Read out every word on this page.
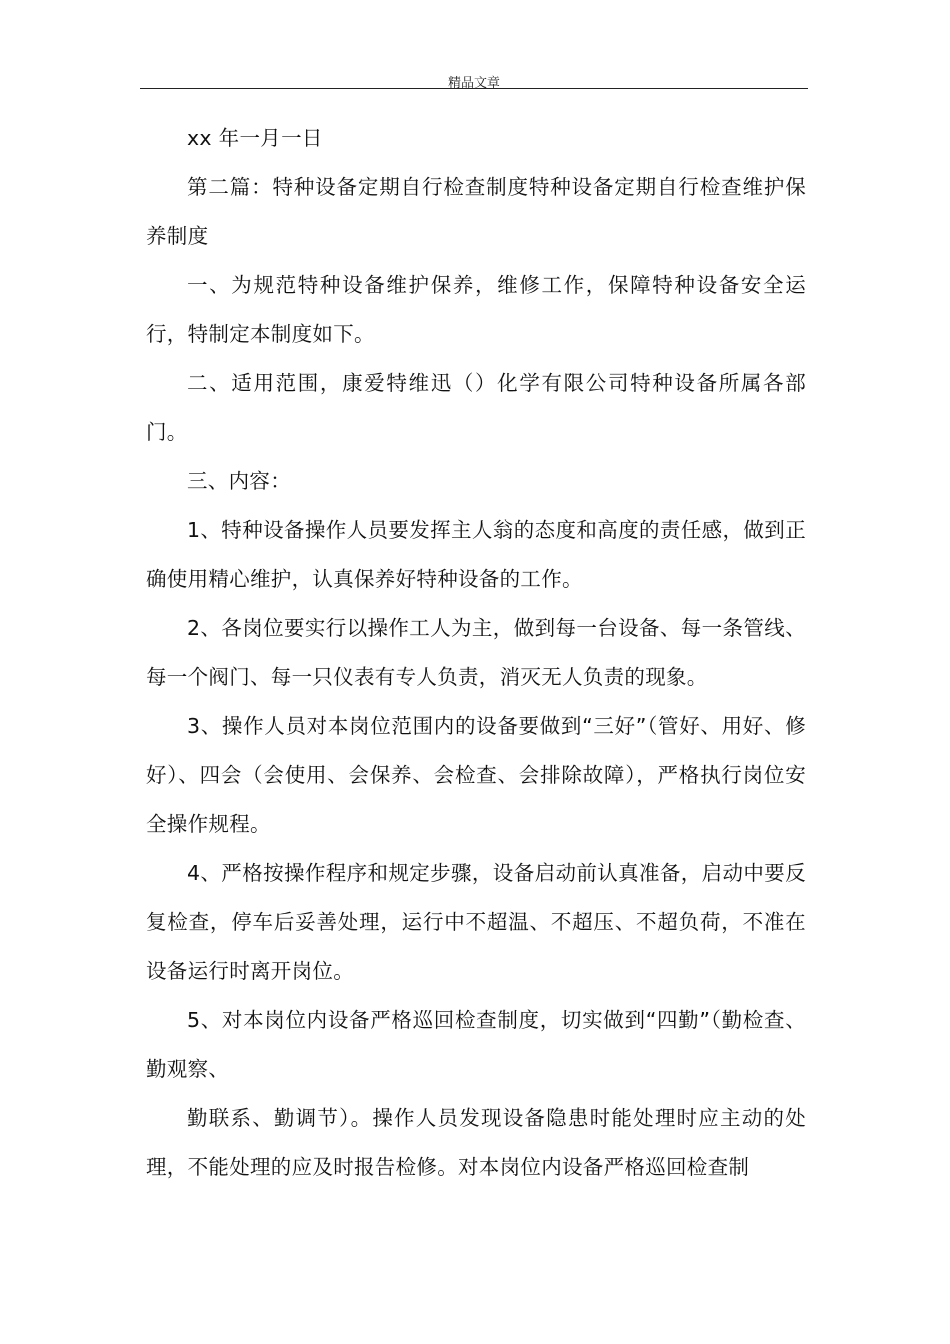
精品文章

xx 年一月一日

第二篇：特种设备定期自行检查制度特种设备定期自行检查维护保养制度

一、为规范特种设备维护保养，维修工作，保障特种设备安全运行，特制定本制度如下。

二、适用范围，康爱特维迅（）化学有限公司特种设备所属各部门。

三、内容：

1、特种设备操作人员要发挥主人翁的态度和高度的责任感，做到正确使用精心维护，认真保养好特种设备的工作。

2、各岗位要实行以操作工人为主，做到每一台设备、每一条管线、每一个阀门、每一只仪表有专人负责，消灭无人负责的现象。

3、操作人员对本岗位范围内的设备要做到“三好”（管好、用好、修好）、四会（会使用、会保养、会检查、会排除故障），严格执行岗位安全操作规程。

4、严格按操作程序和规定步骤，设备启动前认真准备，启动中要反复检查，停车后妥善处理，运行中不超温、不超压、不超负荷，不准在设备运行时离开岗位。

5、对本岗位内设备严格巡回检查制度，切实做到“四勤”（勤检查、勤观察、

勤联系、勤调节）。操作人员发现设备隐患时能处理时应主动的处理，不能处理的应及时报告检修。对本岗位内设备严格巡回检查制
